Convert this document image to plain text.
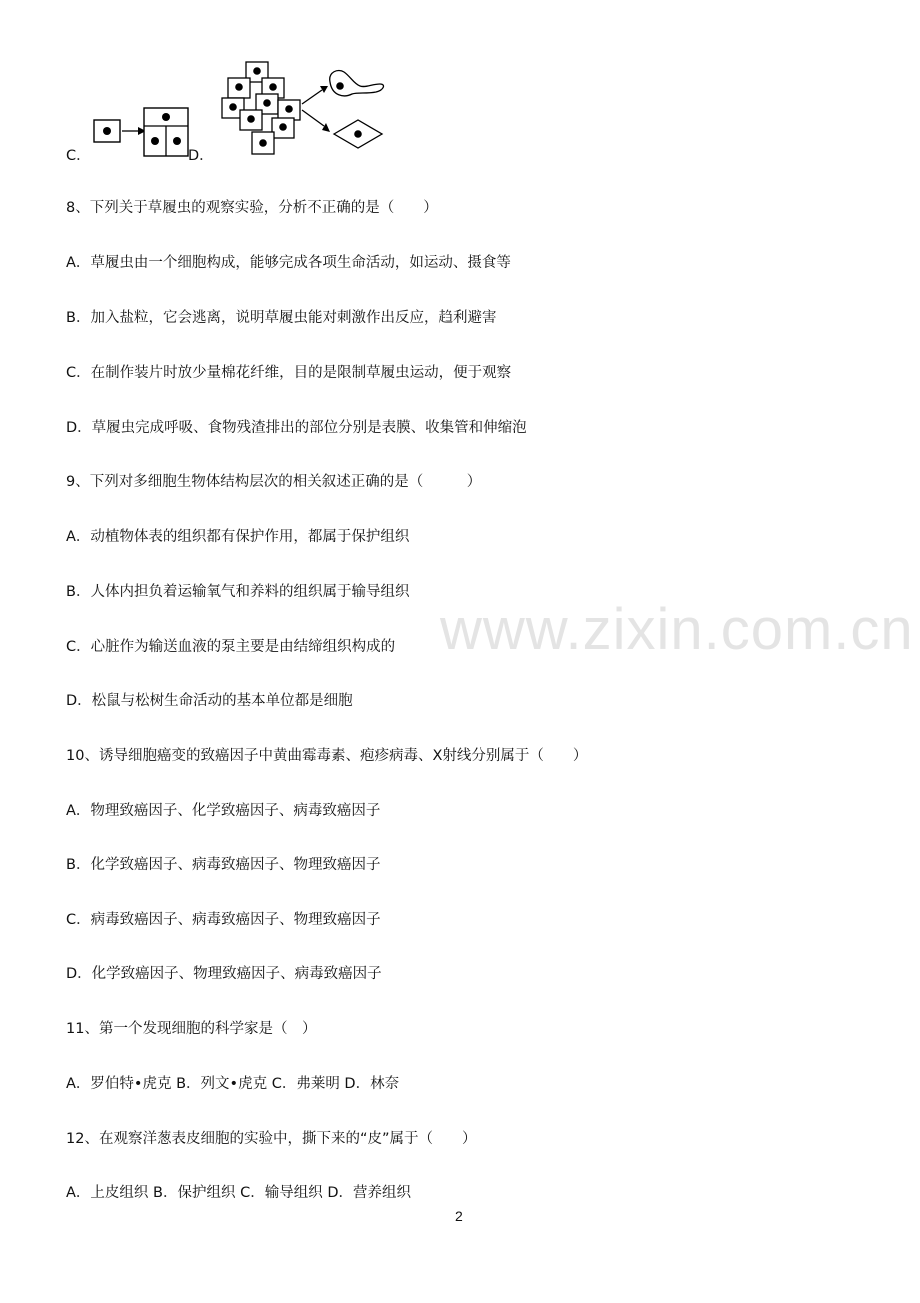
C．	D．
8、下列关于草履虫的观察实验，分析不正确的是（　　）
A．草履虫由一个细胞构成，能够完成各项生命活动，如运动、摄食等
B．加入盐粒，它会逃离，说明草履虫能对刺激作出反应，趋利避害
C．在制作装片时放少量棉花纤维，目的是限制草履虫运动，便于观察
D．草履虫完成呼吸、食物残渣排出的部位分别是表膜、收集管和伸缩泡
9、下列对多细胞生物体结构层次的相关叙述正确的是（　　　）
A．动植物体表的组织都有保护作用，都属于保护组织
B．人体内担负着运输氧气和养料的组织属于输导组织
C．心脏作为输送血液的泵主要是由结缔组织构成的
D．松鼠与松树生命活动的基本单位都是细胞
10、诱导细胞癌变的致癌因子中黄曲霉毒素、疱疹病毒、X射线分别属于（　　）
A．物理致癌因子、化学致癌因子、病毒致癌因子
B．化学致癌因子、病毒致癌因子、物理致癌因子
C．病毒致癌因子、病毒致癌因子、物理致癌因子
D．化学致癌因子、物理致癌因子、病毒致癌因子
11、第一个发现细胞的科学家是（　）
A．罗伯特•虎克 B．列文•虎克 C．弗莱明 D．林奈
12、在观察洋葱表皮细胞的实验中，撕下来的“皮”属于（　　）
A．上皮组织 B．保护组织 C．输导组织 D．营养组织
www.zixin.com.cn
2
